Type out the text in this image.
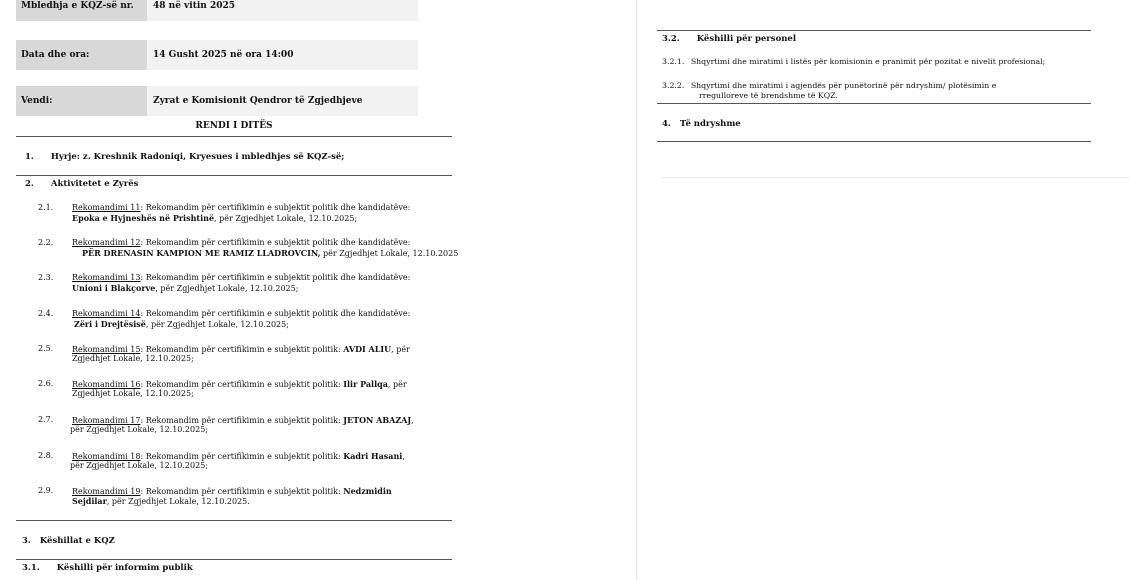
Mbledhja e KQZ-së nr.	48 në vitin 2025
Data dhe ora:	14 Gusht 2025 në ora 14:00
Vendi:	Zyrat e Komisionit Qendror të Zgjedhjeve
RENDI I DITËS
1. Hyrje: z. Kreshnik Radoniqi, Kryesues i mbledhjes së KQZ-së;
2. Aktivitetet e Zyrës
2.1. Rekomandimi 11: Rekomandim për certifikimin e subjektit politik dhe kandidatëve:
Epoka e Hyjneshës në Prishtinë, për Zgjedhjet Lokale, 12.10.2025;
2.2. Rekomandimi 12: Rekomandim për certifikimin e subjektit politik dhe kandidatëve:
PËR DRENASIN KAMPION ME RAMIZ LLADROVCIN, për Zgjedhjet Lokale, 12.10.2025
2.3. Rekomandimi 13: Rekomandim për certifikimin e subjektit politik dhe kandidatëve:
Unioni i Blakçorve, për Zgjedhjet Lokale, 12.10.2025;
2.4. Rekomandimi 14: Rekomandim për certifikimin e subjektit politik dhe kandidatëve:
Zëri i Drejtësisë, për Zgjedhjet Lokale, 12.10.2025;
2.5. Rekomandimi 15: Rekomandim për certifikimin e subjektit politik: AVDI ALIU, për
Zgjedhjet Lokale, 12.10.2025;
2.6. Rekomandimi 16: Rekomandim për certifikimin e subjektit politik: Ilir Pallqa, për
Zgjedhjet Lokale, 12.10.2025;
2.7. Rekomandimi 17: Rekomandim për certifikimin e subjektit politik: JETON ABAZAJ,
për Zgjedhjet Lokale, 12.10.2025;
2.8. Rekomandimi 18: Rekomandim për certifikimin e subjektit politik: Kadri Hasani,
për Zgjedhjet Lokale, 12.10.2025;
2.9. Rekomandimi 19: Rekomandim për certifikimin e subjektit politik: Nedzmidin
Sejdilar, për Zgjedhjet Lokale, 12.10.2025.
3. Këshillat e KQZ
3.1. Këshilli për informim publik
3.2. Këshilli për personel
3.2.1. Shqyrtimi dhe miratimi i listës për komisionin e pranimit për pozitat e nivelit profesional;
3.2.2. Shqyrtimi dhe miratimi i agjendës për punëtorinë për ndryshim/ plotësimin e
rregulloreve të brendshme të KQZ.
4. Të ndryshme
